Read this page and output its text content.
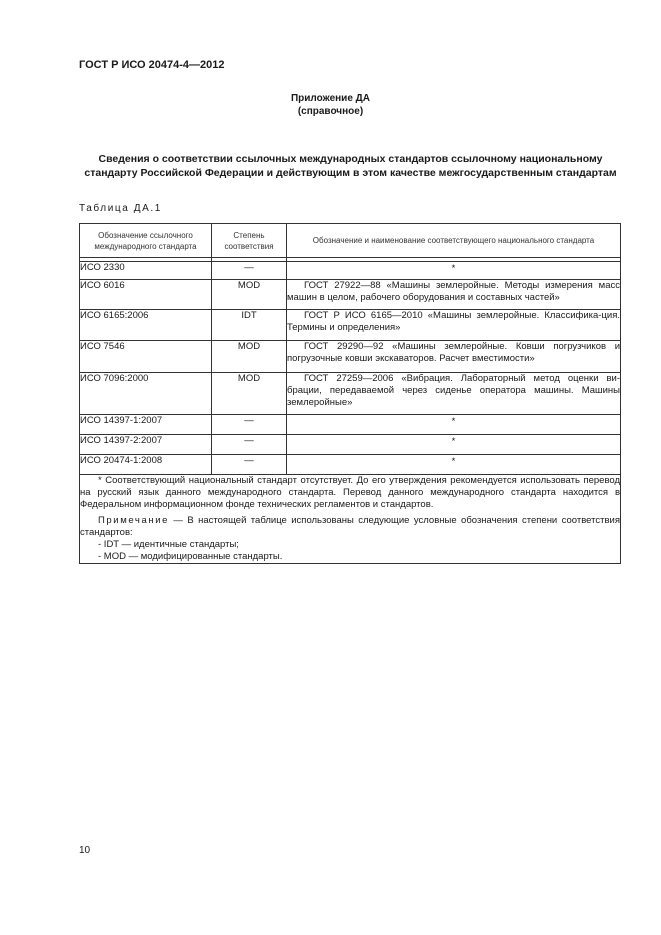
ГОСТ Р ИСО 20474-4—2012
Приложение ДА
(справочное)
Сведения о соответствии ссылочных международных стандартов ссылочному национальному стандарту Российской Федерации и действующим в этом качестве межгосударственным стандартам
Таблица ДА.1
Обозначение ссылочного международного стандарта	Степень соответствия	Обозначение и наименование соответствующего национального стандарта

ИСО 2330	—	*
ИСО 6016	MOD	ГОСТ 27922—88 «Машины землеройные. Методы измерения масс машин в целом, рабочего оборудования и составных частей»
ИСО 6165:2006	IDT	ГОСТ Р ИСО 6165—2010 «Машины землеройные. Классифика-ция. Термины и определения»
ИСО 7546	MOD	ГОСТ 29290—92 «Машины землеройные. Ковши погрузчиков и погрузочные ковши экскаваторов. Расчет вместимости»
ИСО 7096:2000	MOD	ГОСТ 27259—2006 «Вибрация. Лабораторный метод оценки ви-брации, передаваемой через сиденье оператора машины. Машины землеройные»
ИСО 14397-1:2007	—	*
ИСО 14397-2:2007	—	*
ИСО 20474-1:2008	—	*

* Соответствующий национальный стандарт отсутствует. До его утверждения рекомендуется использовать перевод на русский язык данного международного стандарта. Перевод данного международного стандарта находится в Федеральном информационном фонде технических регламентов и стандартов.

Примечание — В настоящей таблице использованы следующие условные обозначения степени соответствия стандартов:

- IDT — идентичные стандарты;

- MOD — модифицированные стандарты.		

10
